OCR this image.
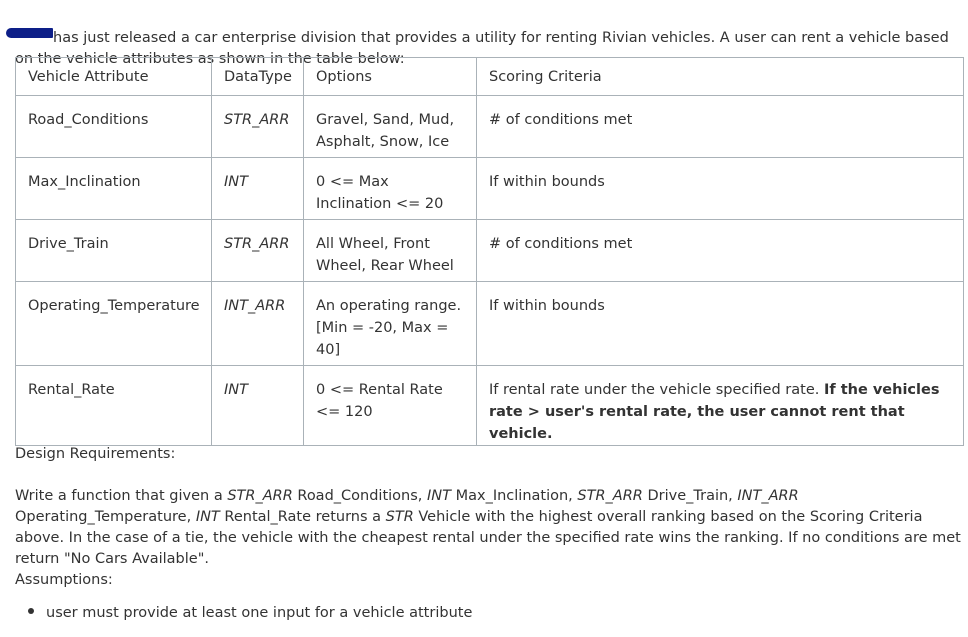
has just released a car enterprise division that provides a utility for renting Rivian vehicles. A user can rent a vehicle based on the vehicle attributes as shown in the table below:

Vehicle Attribute	DataType	Options	Scoring Criteria
Road_Conditions	STR_ARR	Gravel, Sand, Mud, Asphalt, Snow, Ice	# of conditions met
Max_Inclination	INT	0 <= Max Inclination <= 20	If within bounds
Drive_Train	STR_ARR	All Wheel, Front Wheel, Rear Wheel	# of conditions met
Operating_Temperature	INT_ARR	An operating range. [Min = -20, Max = 40]	If within bounds
Rental_Rate	INT	0 <= Rental Rate <= 120	If rental rate under the vehicle specified rate. If the vehicles rate > user's rental rate, the user cannot rent that vehicle.

Design Requirements:

Write a function that given a STR_ARR Road_Conditions, INT Max_Inclination, STR_ARR Drive_Train, INT_ARR Operating_Temperature, INT Rental_Rate returns a STR Vehicle with the highest overall ranking based on the Scoring Criteria above. In the case of a tie, the vehicle with the cheapest rental under the specified rate wins the ranking. If no conditions are met return "No Cars Available".

Assumptions:

user must provide at least one input for a vehicle attribute
